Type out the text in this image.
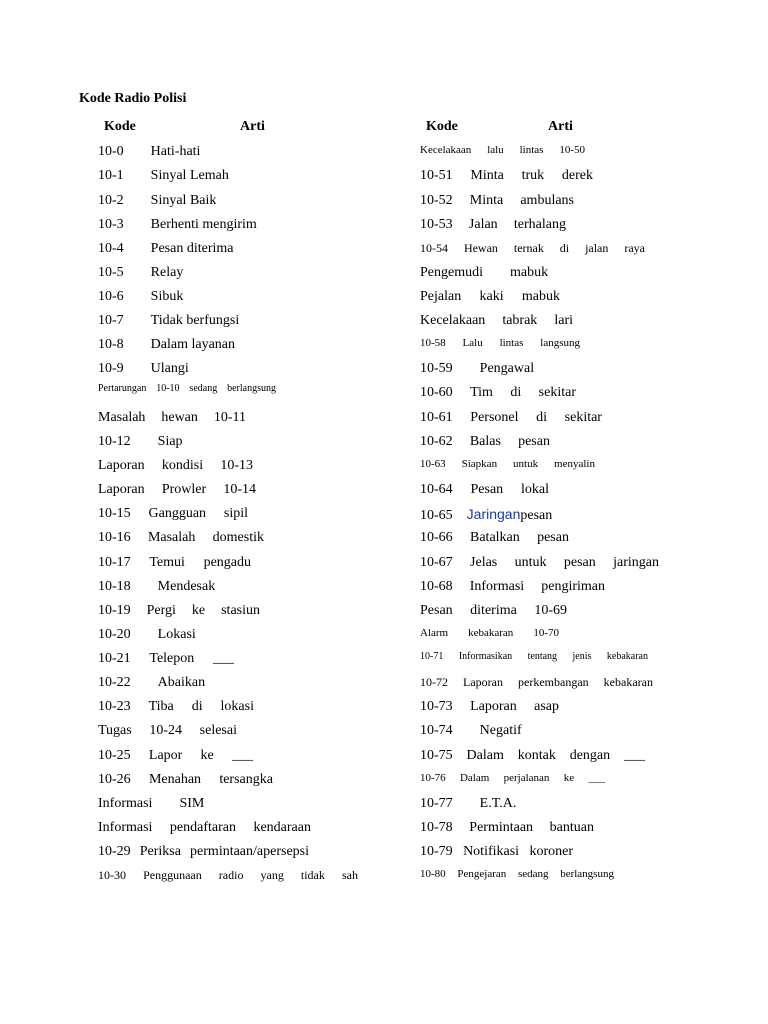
Kode Radio Polisi
Kode	Arti	Kode	Arti
10-0 Hati-hati
10-1 Sinyal Lemah
10-2 Sinyal Baik
10-3 Berhenti mengirim
10-4 Pesan diterima
10-5 Relay
10-6 Sibuk
10-7 Tidak berfungsi
10-8 Dalam layanan
10-9 Ulangi
Pertarungan 10-10 sedang berlangsung
Masalah hewan 10-11
10-12 Siap
Laporan kondisi 10-13
Laporan Prowler 10-14
10-15 Gangguan sipil
10-16 Masalah domestik
10-17 Temui pengadu
10-18 Mendesak
10-19 Pergi ke stasiun
10-20 Lokasi
10-21 Telepon ___
10-22 Abaikan
10-23 Tiba di lokasi
Tugas 10-24 selesai
10-25 Lapor ke ___
10-26 Menahan tersangka
Informasi SIM
Informasi pendaftaran kendaraan
10-29 Periksa permintaan/apersepsi
10-30 Penggunaan radio yang tidak sah
Kecelakaan lalu lintas 10-50
10-51 Minta truk derek
10-52 Minta ambulans
10-53 Jalan terhalang
10-54 Hewan ternak di jalan raya
Pengemudi mabuk
Pejalan kaki mabuk
Kecelakaan tabrak lari
10-58 Lalu lintas langsung
10-59 Pengawal
10-60 Tim di sekitar
10-61 Personel di sekitar
10-62 Balas pesan
10-63 Siapkan untuk menyalin
10-64 Pesan lokal
10-65 Jaringan pesan
10-66 Batalkan pesan
10-67 Jelas untuk pesan jaringan
10-68 Informasi pengiriman
Pesan diterima 10-69
Alarm kebakaran 10-70
10-71 Informasikan tentang jenis kebakaran
10-72 Laporan perkembangan kebakaran
10-73 Laporan asap
10-74 Negatif
10-75 Dalam kontak dengan ___
10-76 Dalam perjalanan ke ___
10-77 E.T.A.
10-78 Permintaan bantuan
10-79 Notifikasi koroner
10-80 Pengejaran sedang berlangsung
